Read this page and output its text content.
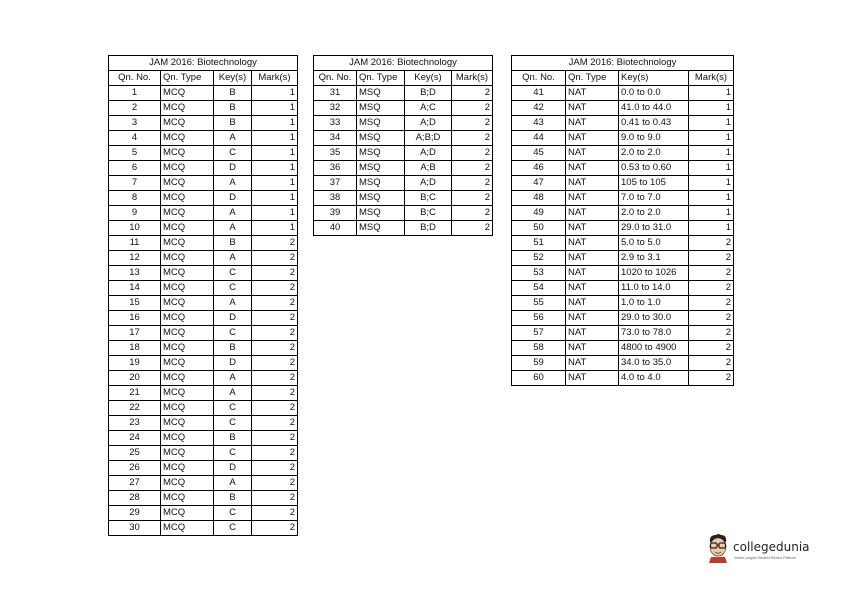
JAM 2016: Biotechnology			
Qn. No.	Qn. Type	Key(s)	Mark(s)
1	MCQ	B	1
2	MCQ	B	1
3	MCQ	B	1
4	MCQ	A	1
5	MCQ	C	1
6	MCQ	D	1
7	MCQ	A	1
8	MCQ	D	1
9	MCQ	A	1
10	MCQ	A	1
11	MCQ	B	2
12	MCQ	A	2
13	MCQ	C	2
14	MCQ	C	2
15	MCQ	A	2
16	MCQ	D	2
17	MCQ	C	2
18	MCQ	B	2
19	MCQ	D	2
20	MCQ	A	2
21	MCQ	A	2
22	MCQ	C	2
23	MCQ	C	2
24	MCQ	B	2
25	MCQ	C	2
26	MCQ	D	2
27	MCQ	A	2
28	MCQ	B	2
29	MCQ	C	2
30	MCQ	C	2
JAM 2016: Biotechnology			
Qn. No.	Qn. Type	Key(s)	Mark(s)
31	MSQ	B;D	2
32	MSQ	A;C	2
33	MSQ	A;D	2
34	MSQ	A;B;D	2
35	MSQ	A;D	2
36	MSQ	A;B	2
37	MSQ	A;D	2
38	MSQ	B;C	2
39	MSQ	B;C	2
40	MSQ	B;D	2
JAM 2016: Biotechnology			
Qn. No.	Qn. Type	Key(s)	Mark(s)
41	NAT	0.0 to 0.0	1
42	NAT	41.0 to 44.0	1
43	NAT	0.41 to 0.43	1
44	NAT	9.0 to 9.0	1
45	NAT	2.0 to 2.0	1
46	NAT	0.53 to 0.60	1
47	NAT	105 to 105	1
48	NAT	7.0 to 7.0	1
49	NAT	2.0 to 2.0	1
50	NAT	29.0 to 31.0	1
51	NAT	5.0 to 5.0	2
52	NAT	2.9 to 3.1	2
53	NAT	1020 to 1026	2
54	NAT	11.0 to 14.0	2
55	NAT	1.0 to 1.0	2
56	NAT	29.0 to 30.0	2
57	NAT	73.0 to 78.0	2
58	NAT	4800 to 4900	2
59	NAT	34.0 to 35.0	2
60	NAT	4.0 to 4.0	2
collegedunia
India's Largest Student Review Platform
